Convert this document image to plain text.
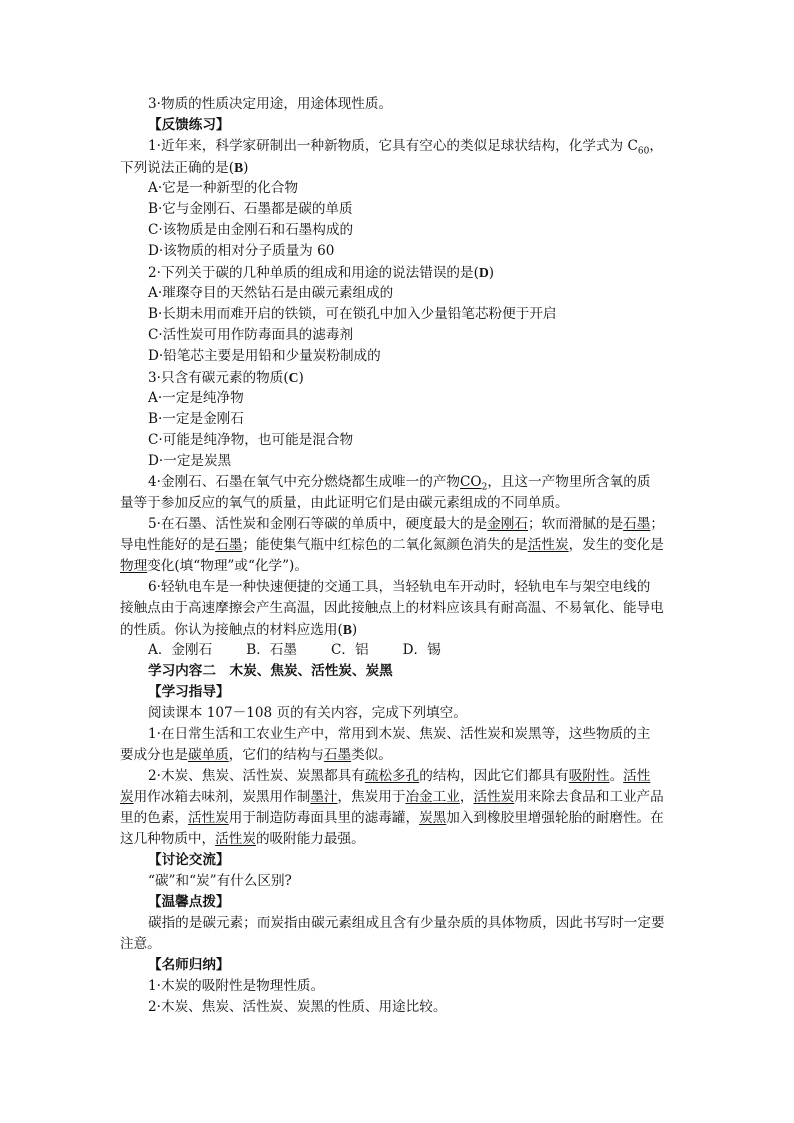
3·物质的性质决定用途，用途体现性质。
【反馈练习】
1·近年来，科学家研制出一种新物质，它具有空心的类似足球状结构，化学式为 $C_{60}$，
下列说法正确的是(B)
A·它是一种新型的化合物
B·它与金刚石、石墨都是碳的单质
C·该物质是由金刚石和石墨构成的
D·该物质的相对分子质量为 60
2·下列关于碳的几种单质的组成和用途的说法错误的是(D)
A·璀璨夺目的天然钻石是由碳元素组成的
B·长期未用而难开启的铁锁，可在锁孔中加入少量铅笔芯粉便于开启
C·活性炭可用作防毒面具的滤毒剂
D·铅笔芯主要是用铅和少量炭粉制成的
3·只含有碳元素的物质(C)
A·一定是纯净物
B·一定是金刚石
C·可能是纯净物，也可能是混合物
D·一定是炭黑
4·金刚石、石墨在氧气中充分燃烧都生成唯一的产物$CO_2$，且这一产物里所含氧的质
量等于参加反应的氧气的质量，由此证明它们是由碳元素组成的不同单质。
5·在石墨、活性炭和金刚石等碳的单质中，硬度最大的是金刚石；软而滑腻的是石墨；
导电性能好的是石墨；能使集气瓶中红棕色的二氧化氮颜色消失的是活性炭，发生的变化是
物理变化(填“物理”或“化学”)。
6·轻轨电车是一种快速便捷的交通工具，当轻轨电车开动时，轻轨电车与架空电线的
接触点由于高速摩擦会产生高温，因此接触点上的材料应该具有耐高温、不易氧化、能导电
的性质。你认为接触点的材料应选用(B)
A．金刚石	B．石墨	C．铝	D．锡
学习内容二　木炭、焦炭、活性炭、炭黑
【学习指导】
阅读课本 107－108 页的有关内容，完成下列填空。
1·在日常生活和工农业生产中，常用到木炭、焦炭、活性炭和炭黑等，这些物质的主
要成分也是碳单质，它们的结构与石墨类似。
2·木炭、焦炭、活性炭、炭黑都具有疏松多孔的结构，因此它们都具有吸附性。活性
炭用作冰箱去味剂，炭黑用作制墨汁，焦炭用于冶金工业，活性炭用来除去食品和工业产品
里的色素，活性炭用于制造防毒面具里的滤毒罐，炭黑加入到橡胶里增强轮胎的耐磨性。在
这几种物质中，活性炭的吸附能力最强。
【讨论交流】
“碳”和“炭”有什么区别?
【温馨点拨】
碳指的是碳元素；而炭指由碳元素组成且含有少量杂质的具体物质，因此书写时一定要
注意。
【名师归纳】
1·木炭的吸附性是物理性质。
2·木炭、焦炭、活性炭、炭黑的性质、用途比较。
